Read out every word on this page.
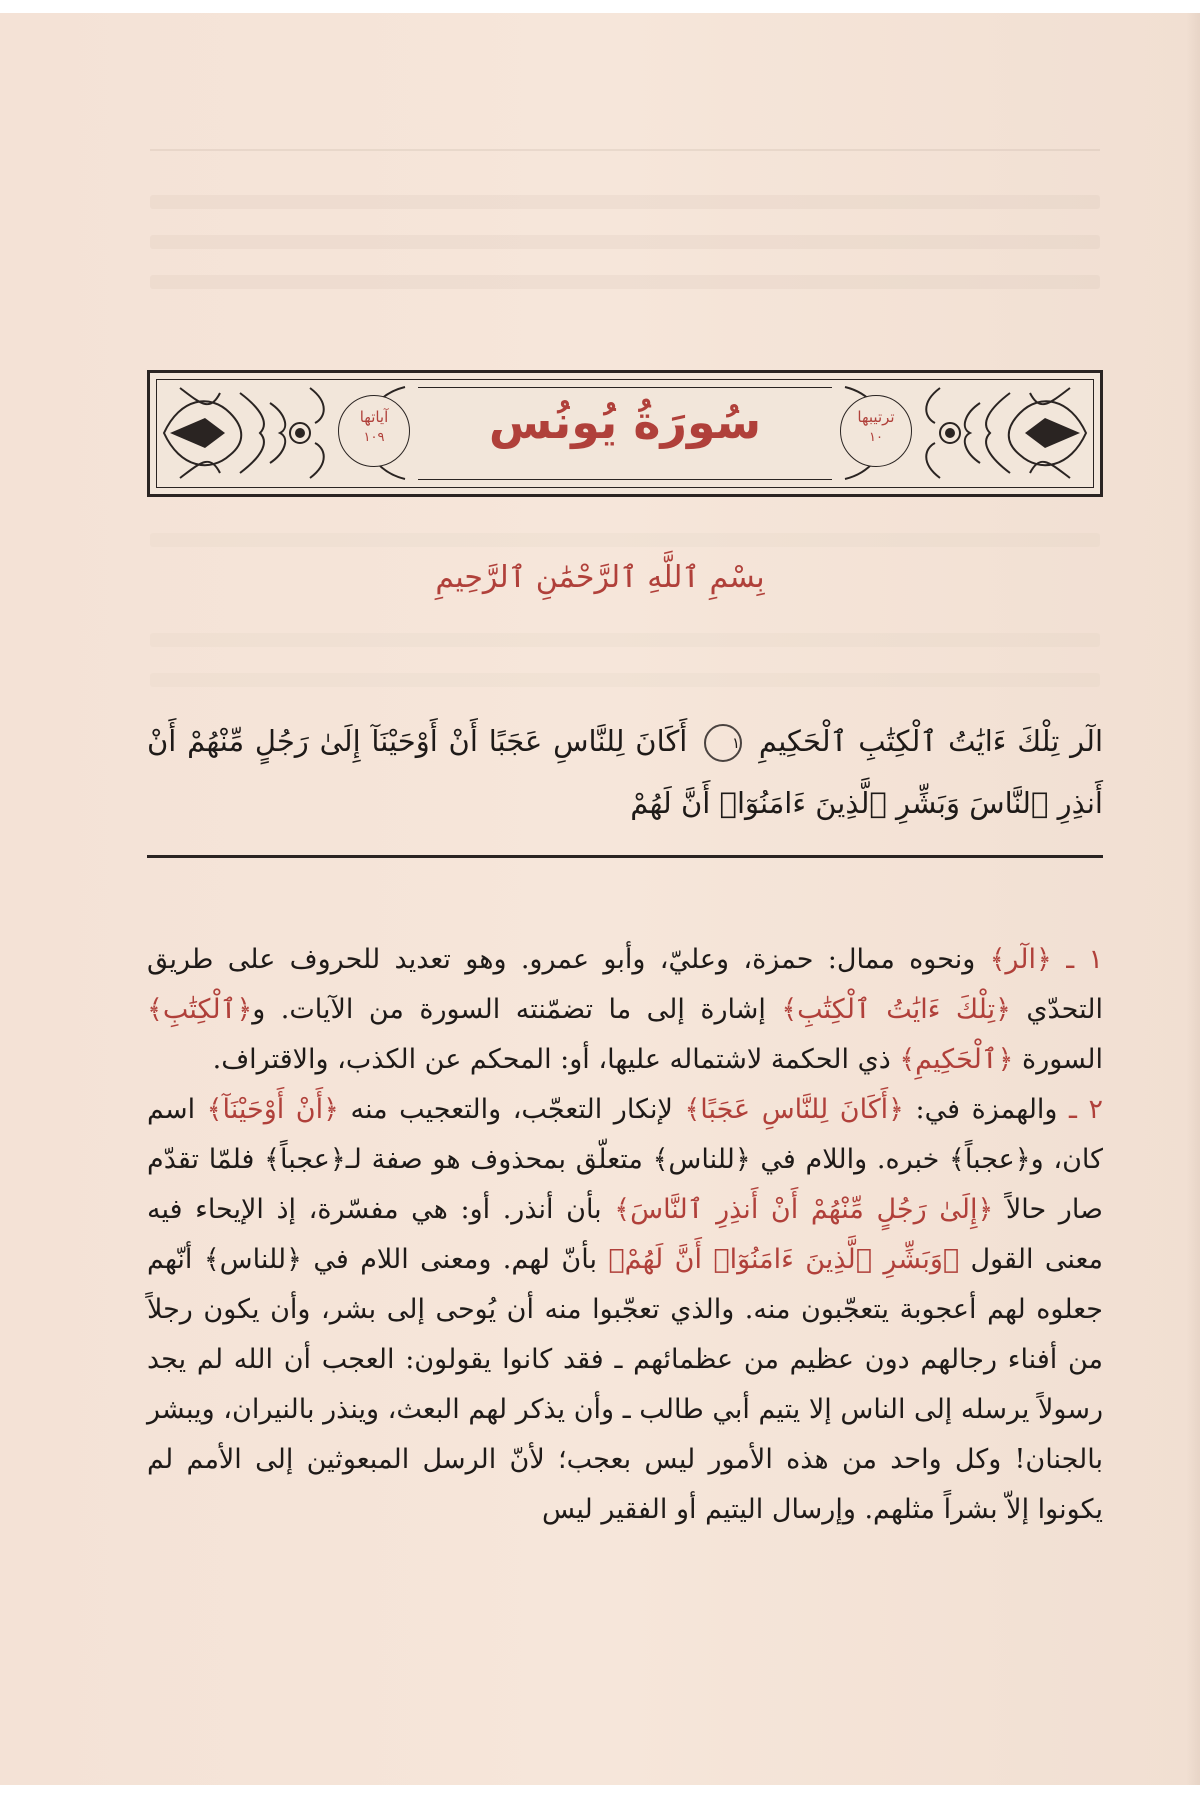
آياتها
١٠٩	سُورَةُ يُونُس	ترتيبها
١٠
بِسْمِ ٱللَّهِ ٱلرَّحْمَٰنِ ٱلرَّحِيمِ
الٓر تِلْكَ ءَايَٰتُ ٱلْكِتَٰبِ ٱلْحَكِيمِ ١ أَكَانَ لِلنَّاسِ عَجَبًا أَنْ أَوْحَيْنَآ إِلَىٰ رَجُلٍ مِّنْهُمْ أَنْ أَنذِرِ ٱلنَّاسَ وَبَشِّرِ ٱلَّذِينَ ءَامَنُوٓا۟ أَنَّ لَهُمْ

١ ـ ﴿الٓر﴾ ونحوه ممال: حمزة، وعليّ، وأبو عمرو. وهو تعديد للحروف على طريق التحدّي ﴿تِلْكَ ءَايَٰتُ ٱلْكِتَٰبِ﴾ إشارة إلى ما تضمّنته السورة من الآيات. و﴿ٱلْكِتَٰبِ﴾ السورة ﴿ٱلْحَكِيمِ﴾ ذي الحكمة لاشتماله عليها، أو: المحكم عن الكذب، والاقتراف.

٢ ـ والهمزة في: ﴿أَكَانَ لِلنَّاسِ عَجَبًا﴾ لإنكار التعجّب، والتعجيب منه ﴿أَنْ أَوْحَيْنَآ﴾ اسم كان، و﴿عجباً﴾ خبره. واللام في ﴿للناس﴾ متعلّق بمحذوف هو صفة لـ﴿عجباً﴾ فلمّا تقدّم صار حالاً ﴿إِلَىٰ رَجُلٍ مِّنْهُمْ أَنْ أَنذِرِ ٱلنَّاسَ﴾ بأن أنذر. أو: هي مفسّرة، إذ الإيحاء فيه معنى القول ﴿وَبَشِّرِ ٱلَّذِينَ ءَامَنُوٓا۟ أَنَّ لَهُمْ﴾ بأنّ لهم. ومعنى اللام في ﴿للناس﴾ أنّهم جعلوه لهم أعجوبة يتعجّبون منه. والذي تعجّبوا منه أن يُوحى إلى بشر، وأن يكون رجلاً من أفناء رجالهم دون عظيم من عظمائهم ـ فقد كانوا يقولون: العجب أن الله لم يجد رسولاً يرسله إلى الناس إلا يتيم أبي طالب ـ وأن يذكر لهم البعث، وينذر بالنيران، ويبشر بالجنان! وكل واحد من هذه الأمور ليس بعجب؛ لأنّ الرسل المبعوثين إلى الأمم لم يكونوا إلاّ بشراً مثلهم. وإرسال اليتيم أو الفقير ليس
